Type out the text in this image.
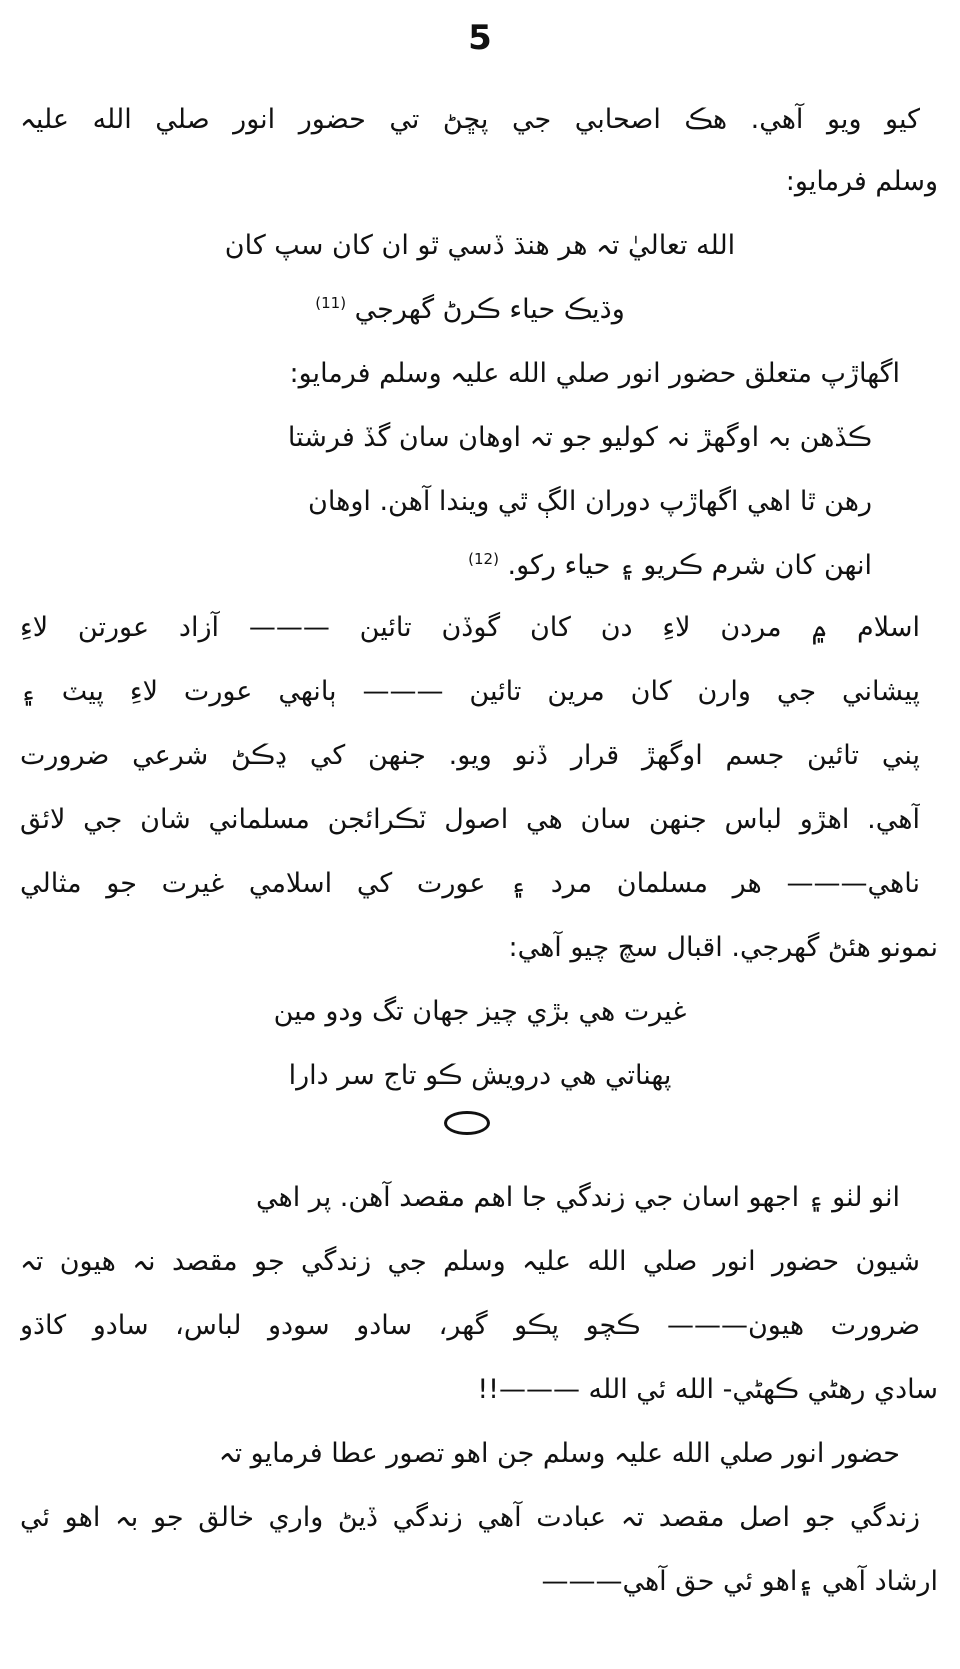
5
کيو ويو آهي. هڪ اصحابي جي پڇڻ تي حضور انور صلي الله عليہ
وسلم فرمايو:
الله تعاليٰ تہ هر هنڌ ڏسي ٿو ان کان سپ کان
وڌيڪ حياء ڪرڻ گهرجي $^{(11)}$
اگهاڙپ متعلق حضور انور صلي الله عليہ وسلم فرمايو:
ڪڏهن بہ اوگهڙ نہ کوليو جو تہ اوهان سان گڏ فرشتا
رهن ٿا اهي اگهاڙپ دوران الڳ ٿي ويندا آهن. اوهان
انهن کان شرم ڪريو ۽ حياء رکو. $^{(12)}$
اسلام ۾ مردن لاءِ دن کان گوڏن تائين ——— آزاد عورتن لاءِ
پيشاني جي وارن کان مرين تائين ——— ٻانهي عورت لاءِ پيٽ ۽
پني تائين جسم اوگهڙ قرار ڏنو ويو. جنهن کي ڍڪڻ شرعي ضرورت
آهي. اهڙو لباس جنهن سان هي اصول ٽڪرائجن مسلماني شان جي لائق
ناهي——— هر مسلمان مرد ۽ عورت کي اسلامي غيرت جو مثالي
نمونو هئڻ گهرجي. اقبال سچ چيو آهي:
غيرت هي بڙي چيز جهان تگ ودو مين
پهناتي هي درويش ڪو تاج سر دارا
اٺو لٺو ۽ اجهو اسان جي زندگي جا اهم مقصد آهن. پر اهي
شيون حضور انور صلي الله عليہ وسلم جي زندگي جو مقصد نہ هيون تہ
ضرورت هيون——— ڪچو پڪو گهر، سادو سودو لباس، سادو کاڌو
سادي رهڻي ڪهڻي- الله ئي الله ———!!
حضور انور صلي الله عليہ وسلم جن اهو تصور عطا فرمايو تہ
زندگي جو اصل مقصد تہ عبادت آهي زندگي ڏيڻ واري خالق جو بہ اهو ئي
ارشاد آهي ۽اهو ئي حق آهي———
